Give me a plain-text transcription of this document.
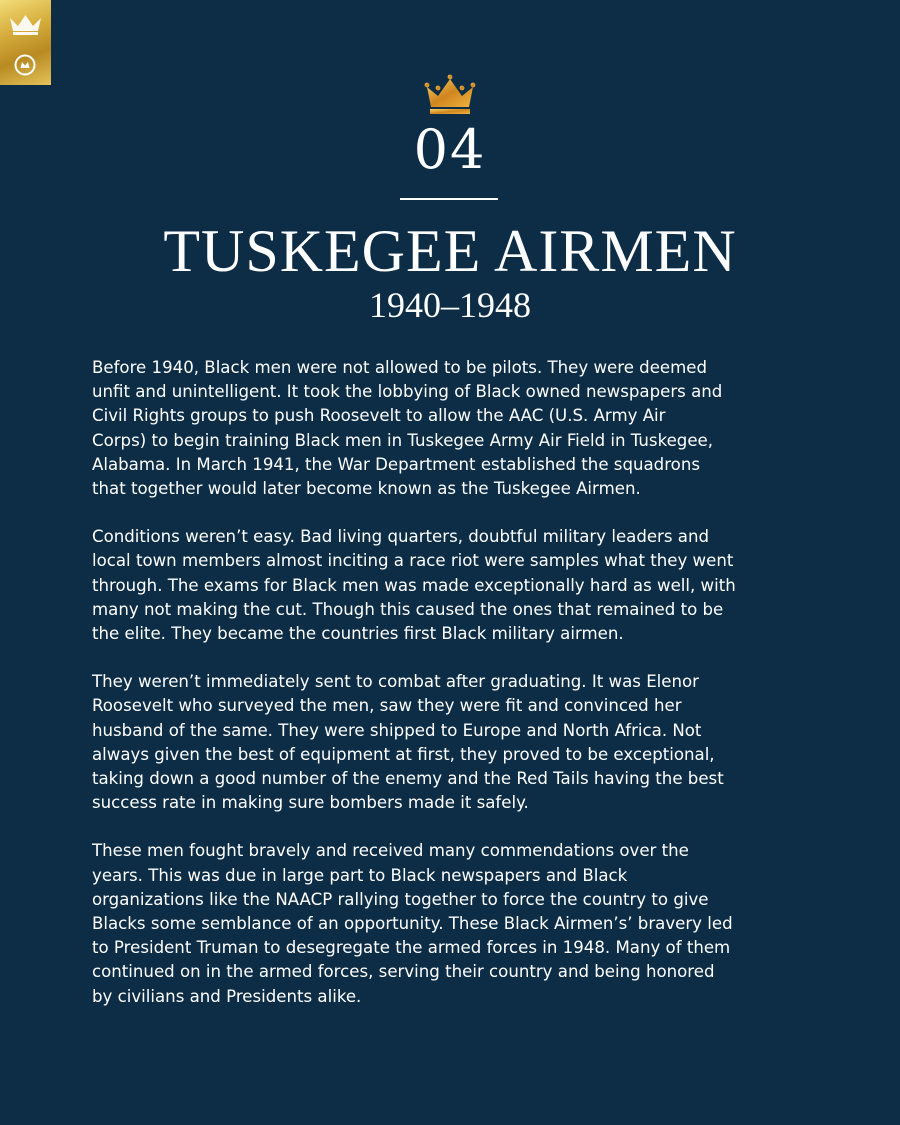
04
TUSKEGEE AIRMEN
1940–1948

Before 1940, Black men were not allowed to be pilots. They were deemed
unfit and unintelligent. It took the lobbying of Black owned newspapers and
Civil Rights groups to push Roosevelt to allow the AAC (U.S. Army Air
Corps) to begin training Black men in Tuskegee Army Air Field in Tuskegee,
Alabama. In March 1941, the War Department established the squadrons
that together would later become known as the Tuskegee Airmen.

Conditions weren’t easy. Bad living quarters, doubtful military leaders and
local town members almost inciting a race riot were samples what they went
through. The exams for Black men was made exceptionally hard as well, with
many not making the cut. Though this caused the ones that remained to be
the elite. They became the countries first Black military airmen.

They weren’t immediately sent to combat after graduating. It was Elenor
Roosevelt who surveyed the men, saw they were fit and convinced her
husband of the same. They were shipped to Europe and North Africa. Not
always given the best of equipment at first, they proved to be exceptional,
taking down a good number of the enemy and the Red Tails having the best
success rate in making sure bombers made it safely.

These men fought bravely and received many commendations over the
years. This was due in large part to Black newspapers and Black
organizations like the NAACP rallying together to force the country to give
Blacks some semblance of an opportunity. These Black Airmen’s’ bravery led
to President Truman to desegregate the armed forces in 1948. Many of them
continued on in the armed forces, serving their country and being honored
by civilians and Presidents alike.
